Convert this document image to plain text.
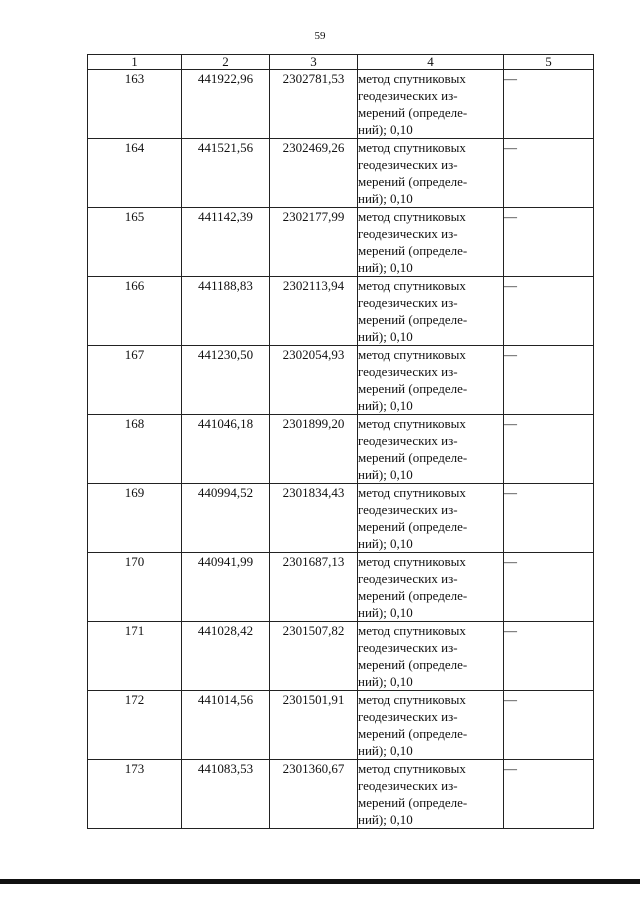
59
1	2	3	4	5
163	441922,96	2302781,53	метод спутниковых
геодезических из-
мерений (определе-
ний); 0,10	—
164	441521,56	2302469,26	метод спутниковых
геодезических из-
мерений (определе-
ний); 0,10	—
165	441142,39	2302177,99	метод спутниковых
геодезических из-
мерений (определе-
ний); 0,10	—
166	441188,83	2302113,94	метод спутниковых
геодезических из-
мерений (определе-
ний); 0,10	—
167	441230,50	2302054,93	метод спутниковых
геодезических из-
мерений (определе-
ний); 0,10	—
168	441046,18	2301899,20	метод спутниковых
геодезических из-
мерений (определе-
ний); 0,10	—
169	440994,52	2301834,43	метод спутниковых
геодезических из-
мерений (определе-
ний); 0,10	—
170	440941,99	2301687,13	метод спутниковых
геодезических из-
мерений (определе-
ний); 0,10	—
171	441028,42	2301507,82	метод спутниковых
геодезических из-
мерений (определе-
ний); 0,10	—
172	441014,56	2301501,91	метод спутниковых
геодезических из-
мерений (определе-
ний); 0,10	—
173	441083,53	2301360,67	метод спутниковых
геодезических из-
мерений (определе-
ний); 0,10	—
